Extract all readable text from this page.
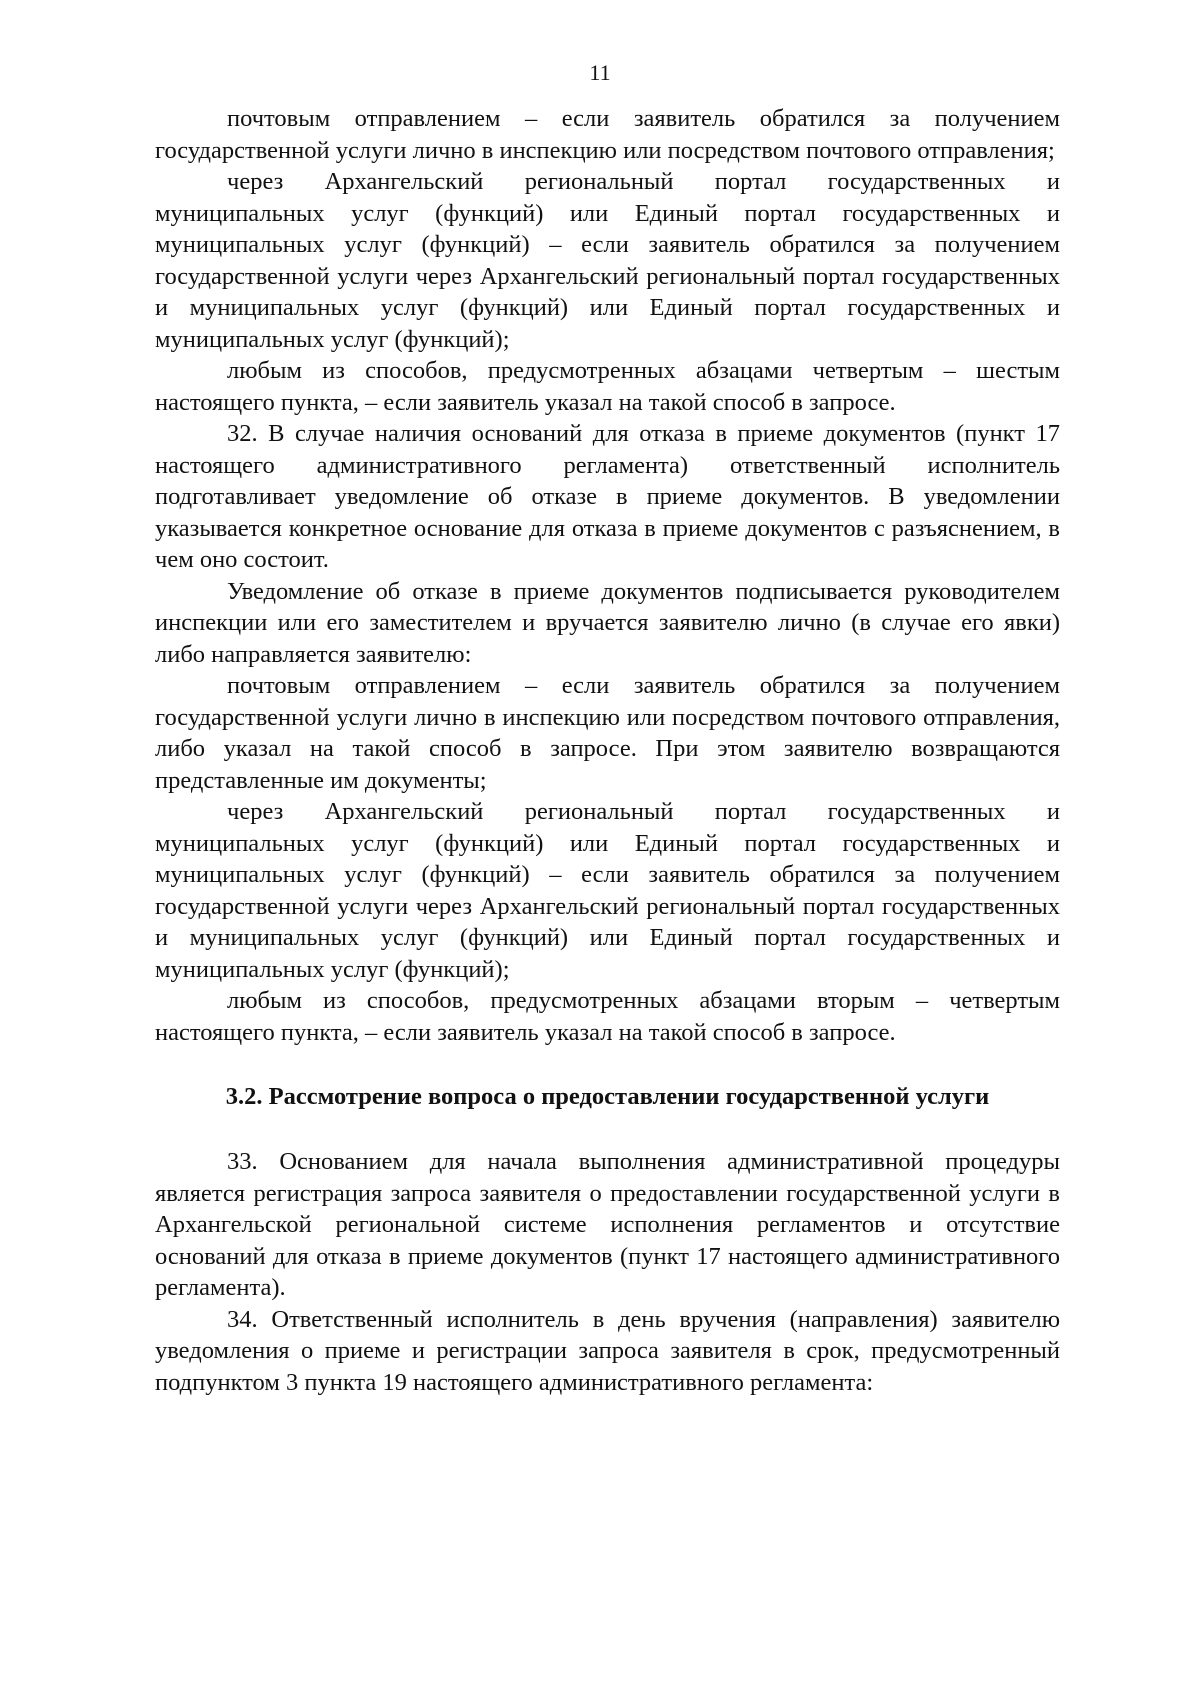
11

почтовым отправлением – если заявитель обратился за получением государственной услуги лично в инспекцию или посредством почтового отправления;

через Архангельский региональный портал государственных и муниципальных услуг (функций) или Единый портал государственных и муниципальных услуг (функций) – если заявитель обратился за получением государственной услуги через Архангельский региональный портал государственных и муниципальных услуг (функций) или Единый портал государственных и муниципальных услуг (функций);

любым из способов, предусмотренных абзацами четвертым – шестым настоящего пункта, – если заявитель указал на такой способ в запросе.

32. В случае наличия оснований для отказа в приеме документов (пункт 17 настоящего административного регламента) ответственный исполнитель подготавливает уведомление об отказе в приеме документов. В уведомлении указывается конкретное основание для отказа в приеме документов с разъяснением, в чем оно состоит.

Уведомление об отказе в приеме документов подписывается руководителем инспекции или его заместителем и вручается заявителю лично (в случае его явки) либо направляется заявителю:

почтовым отправлением – если заявитель обратился за получением государственной услуги лично в инспекцию или посредством почтового отправления, либо указал на такой способ в запросе. При этом заявителю возвращаются представленные им документы;

через Архангельский региональный портал государственных и муниципальных услуг (функций) или Единый портал государственных и муниципальных услуг (функций) – если заявитель обратился за получением государственной услуги через Архангельский региональный портал государственных и муниципальных услуг (функций) или Единый портал государственных и муниципальных услуг (функций);

любым из способов, предусмотренных абзацами вторым – четвертым настоящего пункта, – если заявитель указал на такой способ в запросе.

3.2. Рассмотрение вопроса о предоставлении государственной услуги

33. Основанием для начала выполнения административной процедуры является регистрация запроса заявителя о предоставлении государственной услуги в Архангельской региональной системе исполнения регламентов и отсутствие оснований для отказа в приеме документов (пункт 17 настоящего административного регламента).

34. Ответственный исполнитель в день вручения (направления) заявителю уведомления о приеме и регистрации запроса заявителя в срок, предусмотренный подпунктом 3 пункта 19 настоящего административного регламента:
